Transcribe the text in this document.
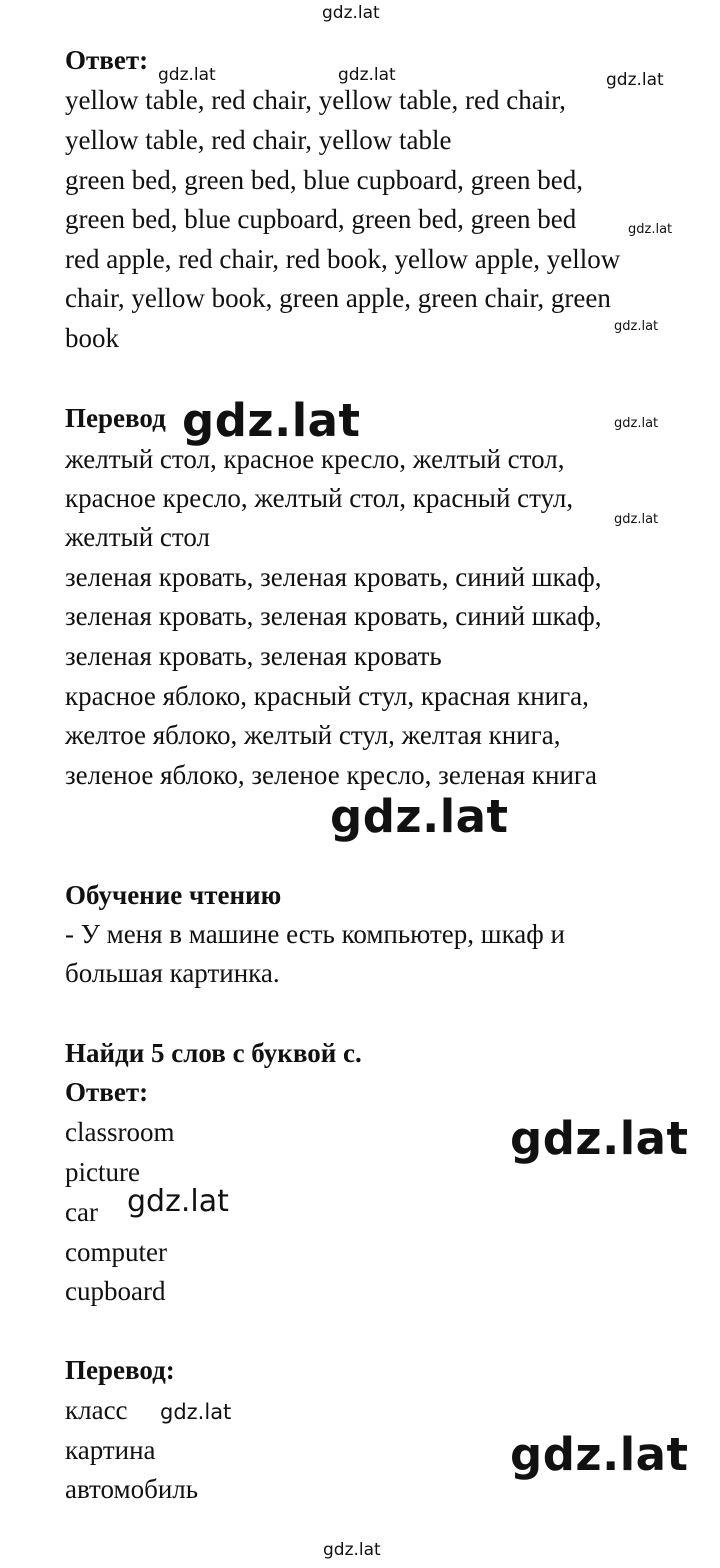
Ответ:
yellow table, red chair, yellow table, red chair,
yellow table, red chair, yellow table
green bed, green bed, blue cupboard, green bed,
green bed, blue cupboard, green bed, green bed
red apple, red chair, red book, yellow apple, yellow
chair, yellow book, green apple, green chair, green
book
Перевод
желтый стол, красное кресло, желтый стол,
красное кресло, желтый стол, красный стул,
желтый стол
зеленая кровать, зеленая кровать, синий шкаф,
зеленая кровать, зеленая кровать, синий шкаф,
зеленая кровать, зеленая кровать
красное яблоко, красный стул, красная книга,
желтое яблоко, желтый стул, желтая книга,
зеленое яблоко, зеленое кресло, зеленая книга
Обучение чтению
- У меня в машине есть компьютер, шкаф и
большая картинка.
Найди 5 слов с буквой с.
Ответ:
classroom
picture
car
computer
cupboard
Перевод:
класс
картина
автомобиль
gdz.lat
gdz.lat	gdz.lat	gdz.lat
gdz.lat
gdz.lat
gdz.lat	gdz.lat
gdz.lat
gdz.lat
gdz.lat
gdz.lat
gdz.lat
gdz.lat
gdz.lat
